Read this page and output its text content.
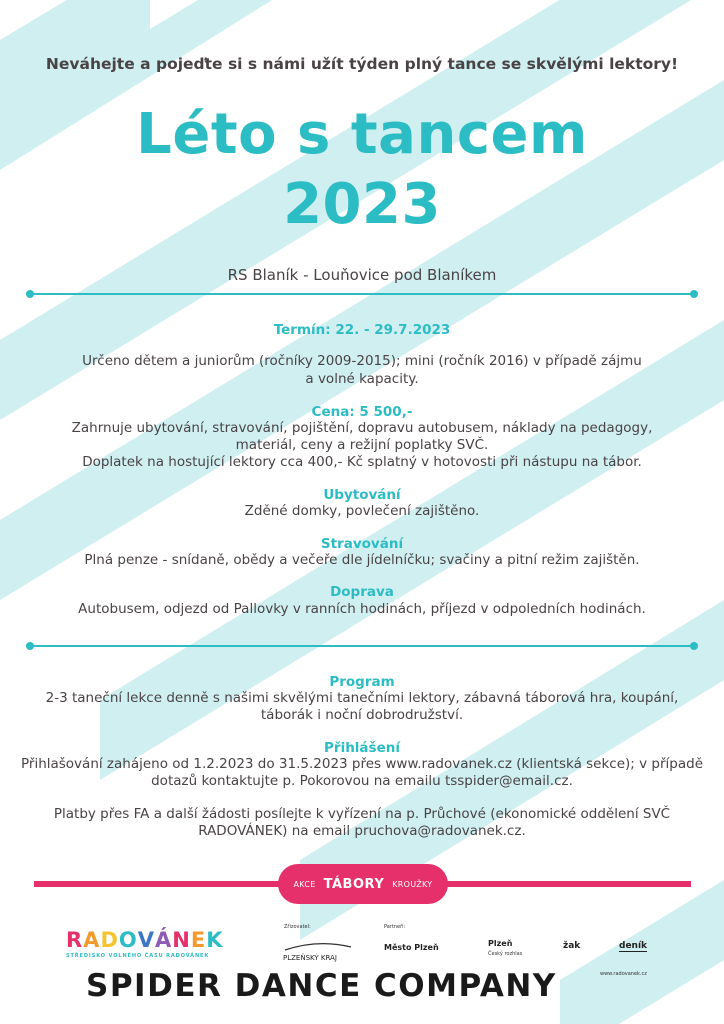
Neváhejte a pojeďte si s námi užít týden plný tance se skvělými lektory!
Léto s tancem
2023
RS Blaník - Louňovice pod Blaníkem
Termín: 22. - 29.7.2023
Určeno dětem a juniorům (ročníky 2009-2015); mini (ročník 2016) v případě zájmu
a volné kapacity.
Cena: 5 500,-
Zahrnuje ubytování, stravování, pojištění, dopravu autobusem, náklady na pedagogy,
materiál, ceny a režijní poplatky SVČ.
Doplatek na hostující lektory cca 400,- Kč splatný v hotovosti při nástupu na tábor.
Ubytování
Zděné domky, povlečení zajištěno.
Stravování
Plná penze - snídaně, obědy a večeře dle jídelníčku; svačiny a pitní režim zajištěn.
Doprava
Autobusem, odjezd od Pallovky v ranních hodinách, příjezd v odpoledních hodinách.
Program
2-3 taneční lekce denně s našimi skvělými tanečními lektory, zábavná táborová hra, koupání,
táborák i noční dobrodružství.
Přihlášení
Přihlašování zahájeno od 1.2.2023 do 31.5.2023 přes www.radovanek.cz (klientská sekce); v případě
dotazů kontaktujte p. Pokorovou na emailu tsspider@email.cz.
Platby přes FA a další žádosti posílejte k vyřízení na p. Průchové (ekonomické oddělení SVČ
RADOVÁNEK) na email pruchova@radovanek.cz.
AKCE TÁBORY KROUŽKY
R A D O V Á N E K
STŘEDISKO VOLNÉHO ČASU RADOVÁNEK
Zřizovatel:
PLZEŇSKÝ KRAJ
Partneři:
Město Plzeň	Plzeň
Český rozhlas
žak	deník
SPIDER DANCE COMPANY	www.radovanek.cz
